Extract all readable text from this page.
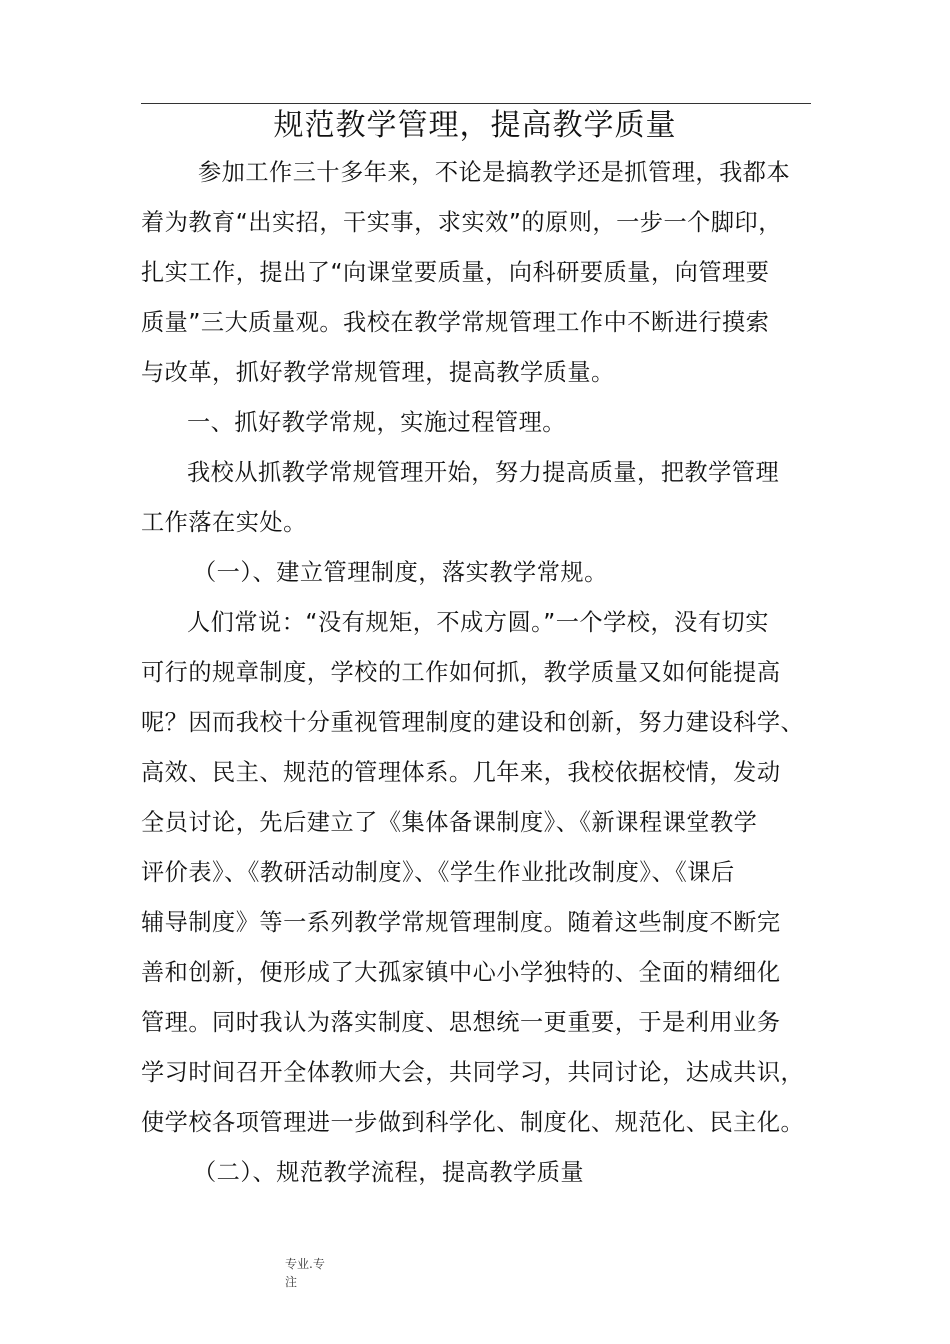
规范教学管理，提高教学质量
参加工作三十多年来，不论是搞教学还是抓管理，我都本
着为教育“出实招，干实事，求实效”的原则，一步一个脚印，
扎实工作，提出了“向课堂要质量，向科研要质量，向管理要
质量”三大质量观。我校在教学常规管理工作中不断进行摸索
与改革，抓好教学常规管理，提高教学质量。
一、抓好教学常规，实施过程管理。
我校从抓教学常规管理开始，努力提高质量，把教学管理
工作落在实处。
（一）、建立管理制度，落实教学常规。
人们常说：“没有规矩，不成方圆。”一个学校，没有切实
可行的规章制度，学校的工作如何抓，教学质量又如何能提高
呢？因而我校十分重视管理制度的建设和创新，努力建设科学、
高效、民主、规范的管理体系。几年来，我校依据校情，发动
全员讨论，先后建立了《集体备课制度》、《新课程课堂教学
评价表》、《教研活动制度》、《学生作业批改制度》、《课后
辅导制度》等一系列教学常规管理制度。随着这些制度不断完
善和创新，便形成了大孤家镇中心小学独特的、全面的精细化
管理。同时我认为落实制度、思想统一更重要，于是利用业务
学习时间召开全体教师大会，共同学习，共同讨论，达成共识，
使学校各项管理进一步做到科学化、制度化、规范化、民主化。
（二）、规范教学流程，提高教学质量
专业.专
注
